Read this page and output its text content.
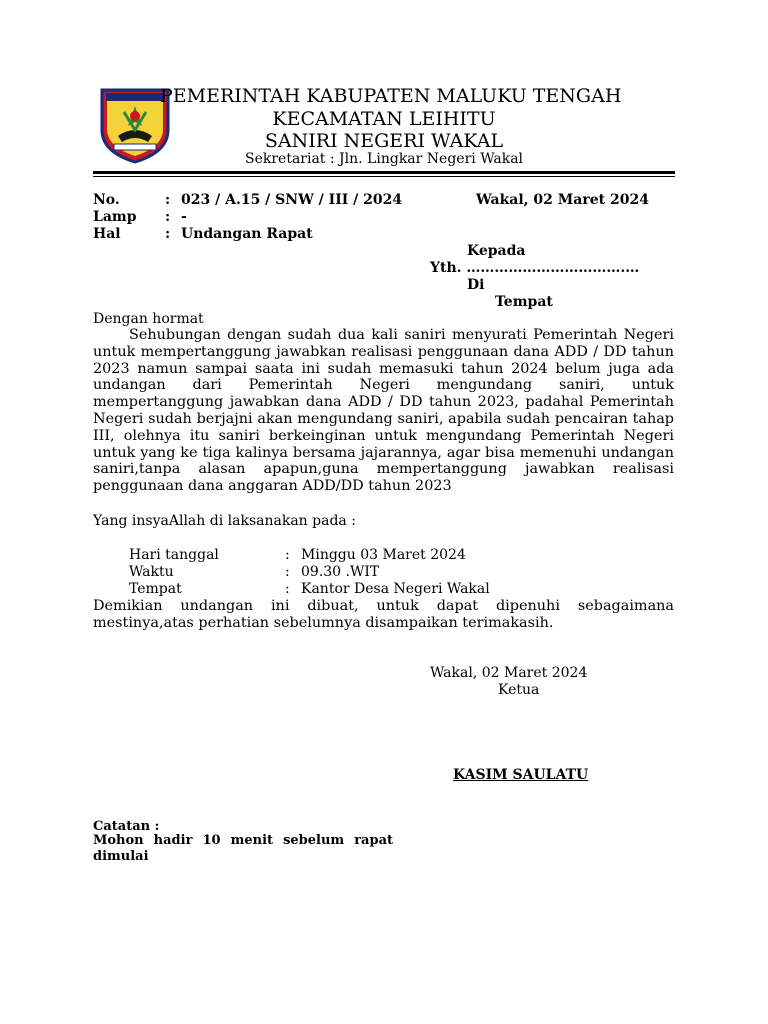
PEMERINTAH KABUPATEN MALUKU TENGAH
KECAMATAN LEIHITU
SANIRI NEGERI WAKAL
Sekretariat : Jln. Lingkar Negeri Wakal
No.	: 023 / A.15 / SNW / III / 2024	Wakal, 02 Maret 2024
Lamp : -
Hal	: Undangan Rapat
Kepada
Yth. …………………………….…
Di
Tempat
Dengan hormat

Sehubungan dengan sudah dua kali saniri menyurati Pemerintah Negeri untuk mempertanggung jawabkan realisasi penggunaan dana ADD / DD tahun 2023 namun sampai saata ini sudah memasuki tahun 2024 belum juga ada undangan dari Pemerintah Negeri mengundang saniri, untuk mempertanggung jawabkan dana ADD / DD tahun 2023, padahal Pemerintah Negeri sudah berjajni akan mengundang saniri, apabila sudah pencairan tahap III, olehnya itu saniri berkeinginan untuk mengundang Pemerintah Negeri untuk yang ke tiga kalinya bersama jajarannya, agar bisa memenuhi undangan saniri,tanpa alasan apapun,guna mempertanggung jawabkan realisasi penggunaan dana anggaran ADD/DD tahun 2023

Yang insyaAllah di laksanakan pada :
Hari tanggal	: Minggu 03 Maret 2024
Waktu	: 09.30 .WIT
Tempat	: Kantor Desa Negeri Wakal
Demikian undangan ini dibuat, untuk dapat dipenuhi sebagaimana mestinya,atas perhatian sebelumnya disampaikan terimakasih.
Wakal, 02 Maret 2024
Ketua
KASIM SAULATU
Catatan :
Mohon hadir 10 menit sebelum rapat dimulai
